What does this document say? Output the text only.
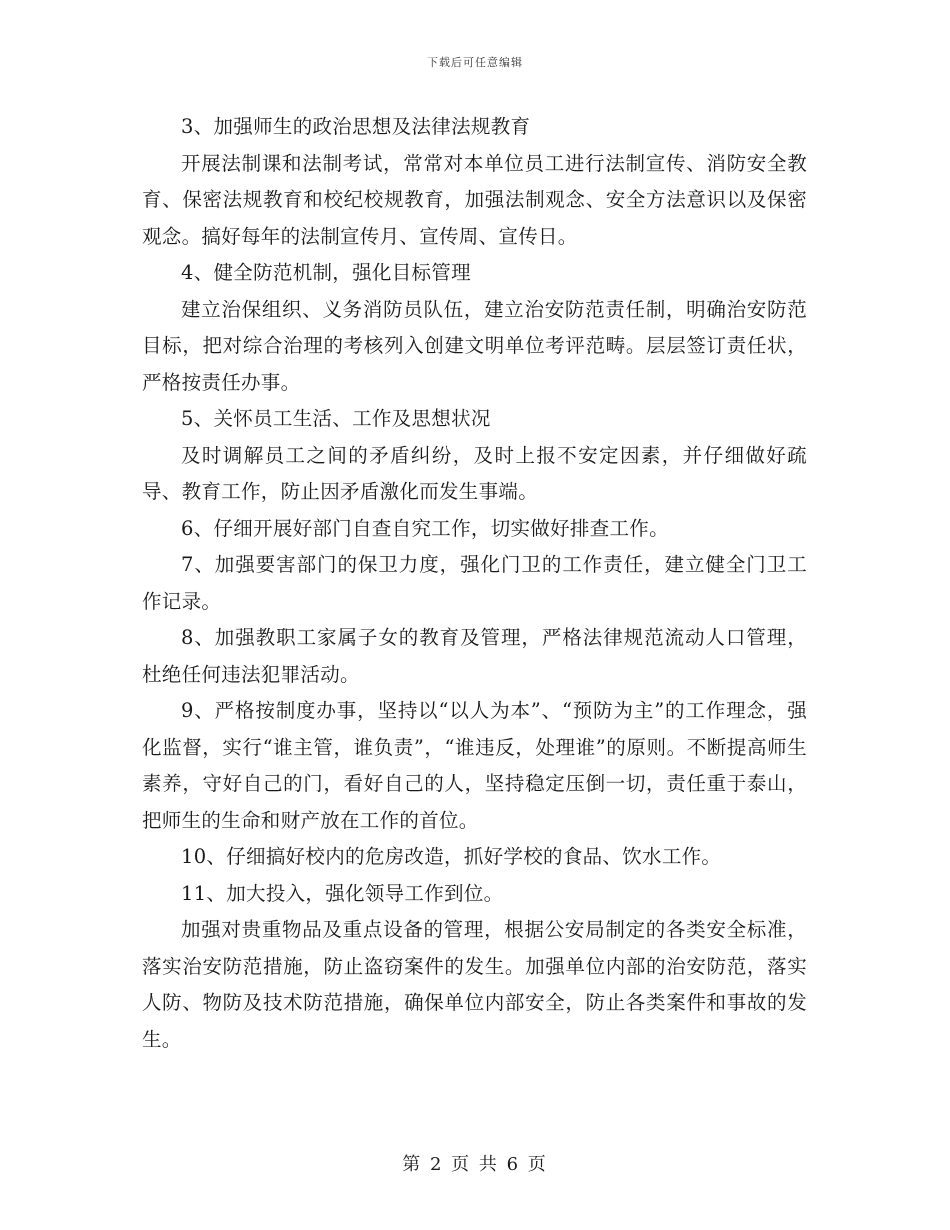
下载后可任意编辑

3、加强师生的政治思想及法律法规教育

开展法制课和法制考试，常常对本单位员工进行法制宣传、消防安全教育、保密法规教育和校纪校规教育，加强法制观念、安全方法意识以及保密观念。搞好每年的法制宣传月、宣传周、宣传日。

4、健全防范机制，强化目标管理

建立治保组织、义务消防员队伍，建立治安防范责任制，明确治安防范目标，把对综合治理的考核列入创建文明单位考评范畴。层层签订责任状，严格按责任办事。

5、关怀员工生活、工作及思想状况

及时调解员工之间的矛盾纠纷，及时上报不安定因素，并仔细做好疏导、教育工作，防止因矛盾激化而发生事端。

6、仔细开展好部门自查自究工作，切实做好排查工作。

7、加强要害部门的保卫力度，强化门卫的工作责任，建立健全门卫工作记录。

8、加强教职工家属子女的教育及管理，严格法律规范流动人口管理，杜绝任何违法犯罪活动。

9、严格按制度办事，坚持以“以人为本”、“预防为主”的工作理念，强化监督，实行“谁主管，谁负责”，“谁违反，处理谁”的原则。不断提高师生素养，守好自己的门，看好自己的人，坚持稳定压倒一切，责任重于泰山，把师生的生命和财产放在工作的首位。

10、仔细搞好校内的危房改造，抓好学校的食品、饮水工作。

11、加大投入，强化领导工作到位。

加强对贵重物品及重点设备的管理，根据公安局制定的各类安全标准，落实治安防范措施，防止盗窃案件的发生。加强单位内部的治安防范，落实人防、物防及技术防范措施，确保单位内部安全，防止各类案件和事故的发生。

第 2 页 共 6 页
